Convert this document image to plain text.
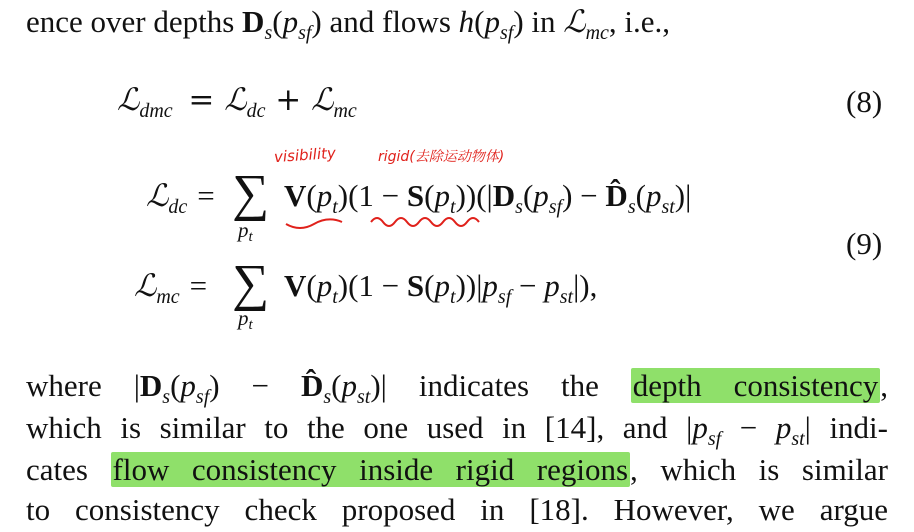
ence over depths $D_s(p_{sf})$ and flows $h(p_{sf})$ in ℒ$_{mc}$, i.e.,
ℒ$_{dmc}$ = ℒ$_{dc}$ + ℒ$_{mc}$	(8)
ℒ$_{dc}$ = ∑
pt
$V(p_t)(1 - S(p_t))(|D_s(p_{sf})$ − $D̂_s(p_{st})|$
ℒ$_{mc}$ = ∑
pt
$V(p_t)(1 - S(p_t))|p_{sf} - p_{st}|$),
(9)
visibility	rigid(去除运动物体)
where $|D_s(p_{sf})$ − $D̂_s(p_{st})|$ indicates the depth consistency,
which is similar to the one used in [14], and $|p_{sf} - p_{st}|$ indi-
cates flow consistency inside rigid regions, which is similar
to consistency check proposed in [18]. However, we argue
